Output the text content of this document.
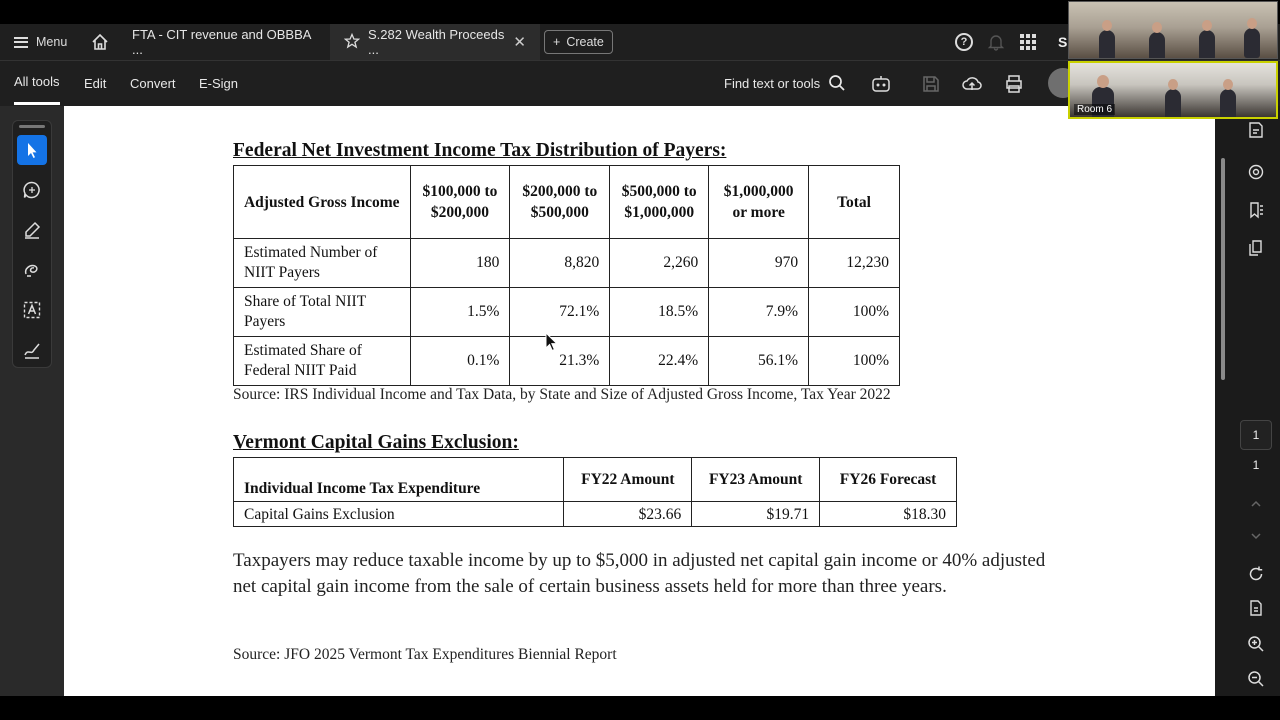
Menu	FTA - CIT revenue and OBBBA ...
S.282 Wealth Proceeds ...	✕ + Create	?	S
All tools Edit Convert E-Sign	Find text or tools
Federal Net Investment Income Tax Distribution of Payers:
Adjusted Gross Income	$100,000 to $200,000	$200,000 to $500,000	$500,000 to $1,000,000	$1,000,000 or more	Total
Estimated Number of NIIT Payers	180	8,820	2,260	970	12,230
Share of Total NIIT Payers	1.5%	72.1%	18.5%	7.9%	100%
Estimated Share of Federal NIIT Paid	0.1%	21.3%	22.4%	56.1%	100%
Source: IRS Individual Income and Tax Data, by State and Size of Adjusted Gross Income, Tax Year 2022
Vermont Capital Gains Exclusion:
Individual Income Tax Expenditure	FY22 Amount	FY23 Amount	FY26 Forecast
Capital Gains Exclusion	$23.66	$19.71	$18.30
Taxpayers may reduce taxable income by up to $5,000 in adjusted net capital gain income or 40% adjusted net capital gain income from the sale of certain business assets held for more than three years.
Source: JFO 2025 Vermont Tax Expenditures Biennial Report
1
1
Room 6
Powered by Zoom
